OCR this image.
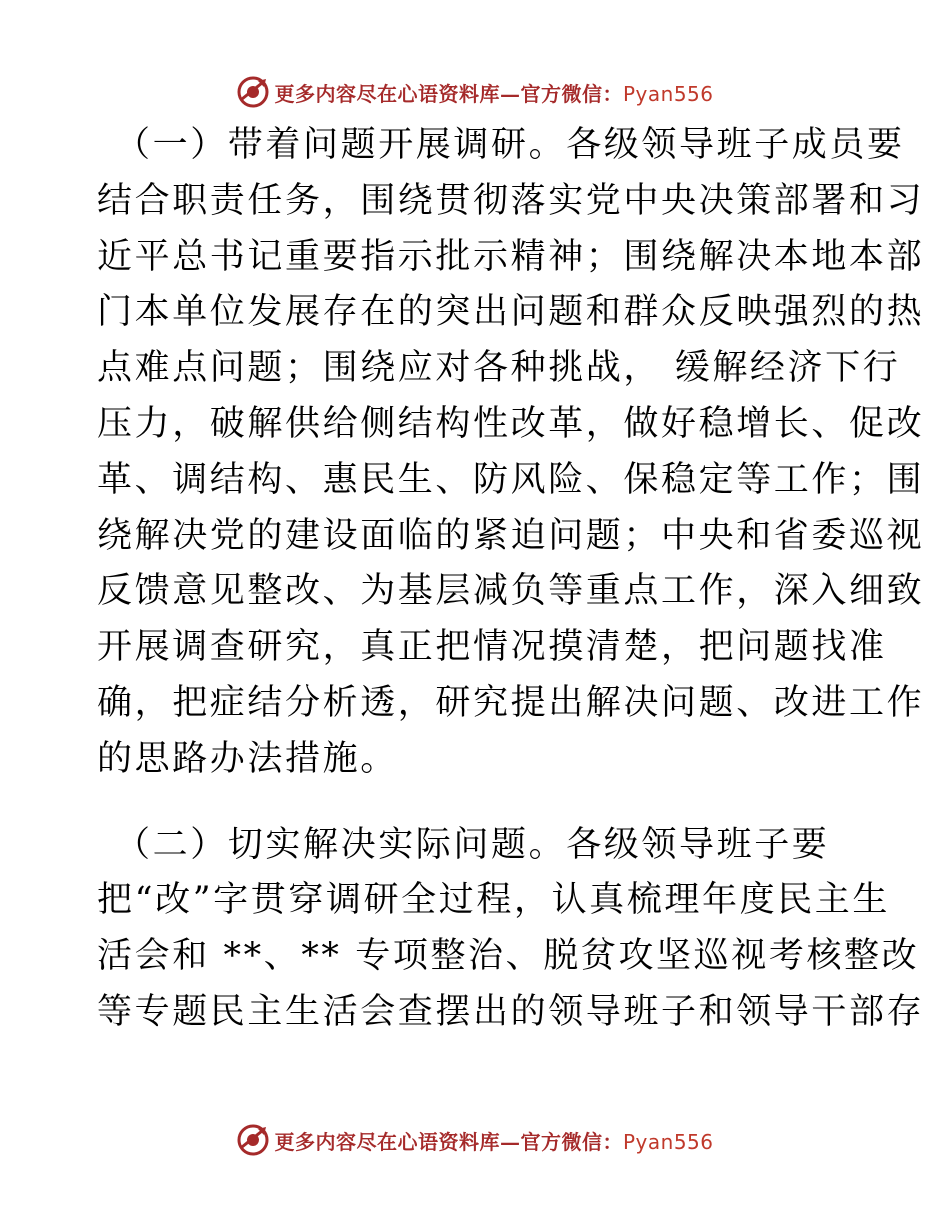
更多内容尽在心语资料库—官方微信：Pyan556
（一）带着问题开展调研。各级领导班子成员要
结合职责任务，围绕贯彻落实党中央决策部署和习
近平总书记重要指示批示精神；围绕解决本地本部
门本单位发展存在的突出问题和群众反映强烈的热
点难点问题；围绕应对各种挑战， 缓解经济下行
压力，破解供给侧结构性改革，做好稳增长、促改
革、调结构、惠民生、防风险、保稳定等工作；围
绕解决党的建设面临的紧迫问题；中央和省委巡视
反馈意见整改、为基层减负等重点工作，深入细致
开展调查研究，真正把情况摸清楚，把问题找准
确，把症结分析透，研究提出解决问题、改进工作
的思路办法措施。
（二）切实解决实际问题。各级领导班子要
把“改”字贯穿调研全过程，认真梳理年度民主生
活会和 **、** 专项整治、脱贫攻坚巡视考核整改
等专题民主生活会查摆出的领导班子和领导干部存
更多内容尽在心语资料库—官方微信：Pyan556
